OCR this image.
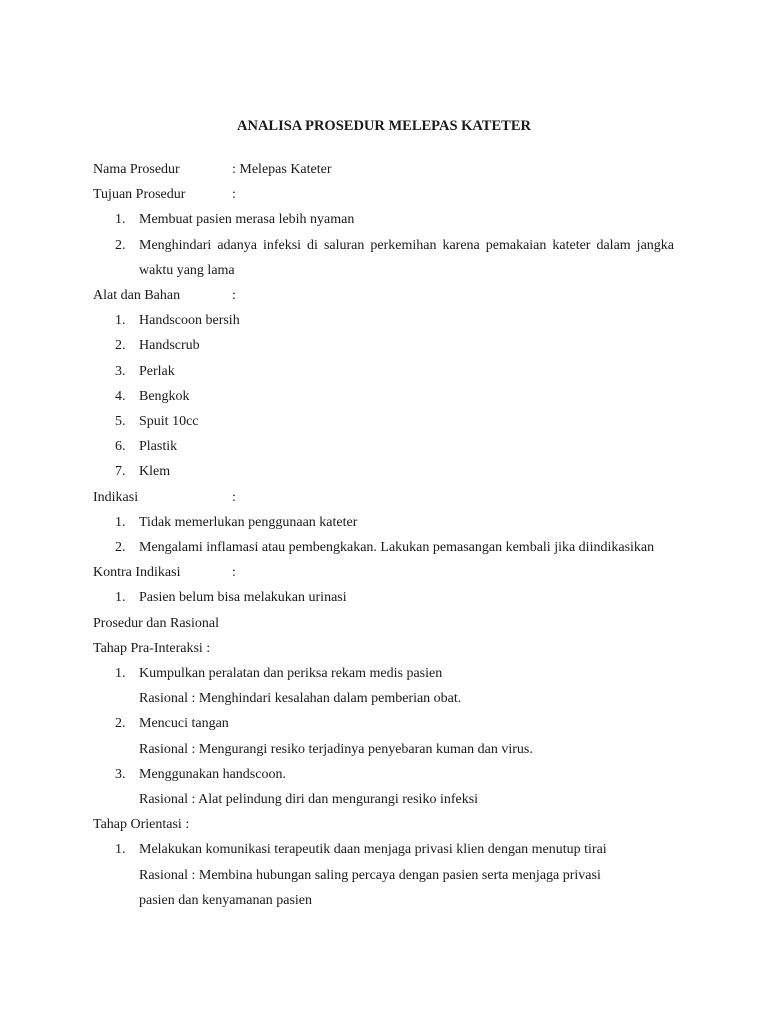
ANALISA PROSEDUR MELEPAS KATETER
Nama Prosedur	: Melepas Kateter
Tujuan Prosedur	:
1. Membuat pasien merasa lebih nyaman
2. Menghindari adanya infeksi di saluran perkemihan karena pemakaian kateter dalam jangka waktu yang lama
Alat dan Bahan	:
1. Handscoon bersih
2. Handscrub
3. Perlak
4. Bengkok
5. Spuit 10cc
6. Plastik
7. Klem
Indikasi	:
1. Tidak memerlukan penggunaan kateter
2. Mengalami inflamasi atau pembengkakan. Lakukan pemasangan kembali jika diindikasikan
Kontra Indikasi	:
1. Pasien belum bisa melakukan urinasi
Prosedur dan Rasional
Tahap Pra-Interaksi :
1. Kumpulkan peralatan dan periksa rekam medis pasien
Rasional : Menghindari kesalahan dalam pemberian obat.
2. Mencuci tangan
Rasional : Mengurangi resiko terjadinya penyebaran kuman dan virus.
3. Menggunakan handscoon.
Rasional : Alat pelindung diri dan mengurangi resiko infeksi
Tahap Orientasi :
1. Melakukan komunikasi terapeutik daan menjaga privasi klien dengan menutup tirai
Rasional : Membina hubungan saling percaya dengan pasien serta menjaga privasi pasien dan kenyamanan pasien
